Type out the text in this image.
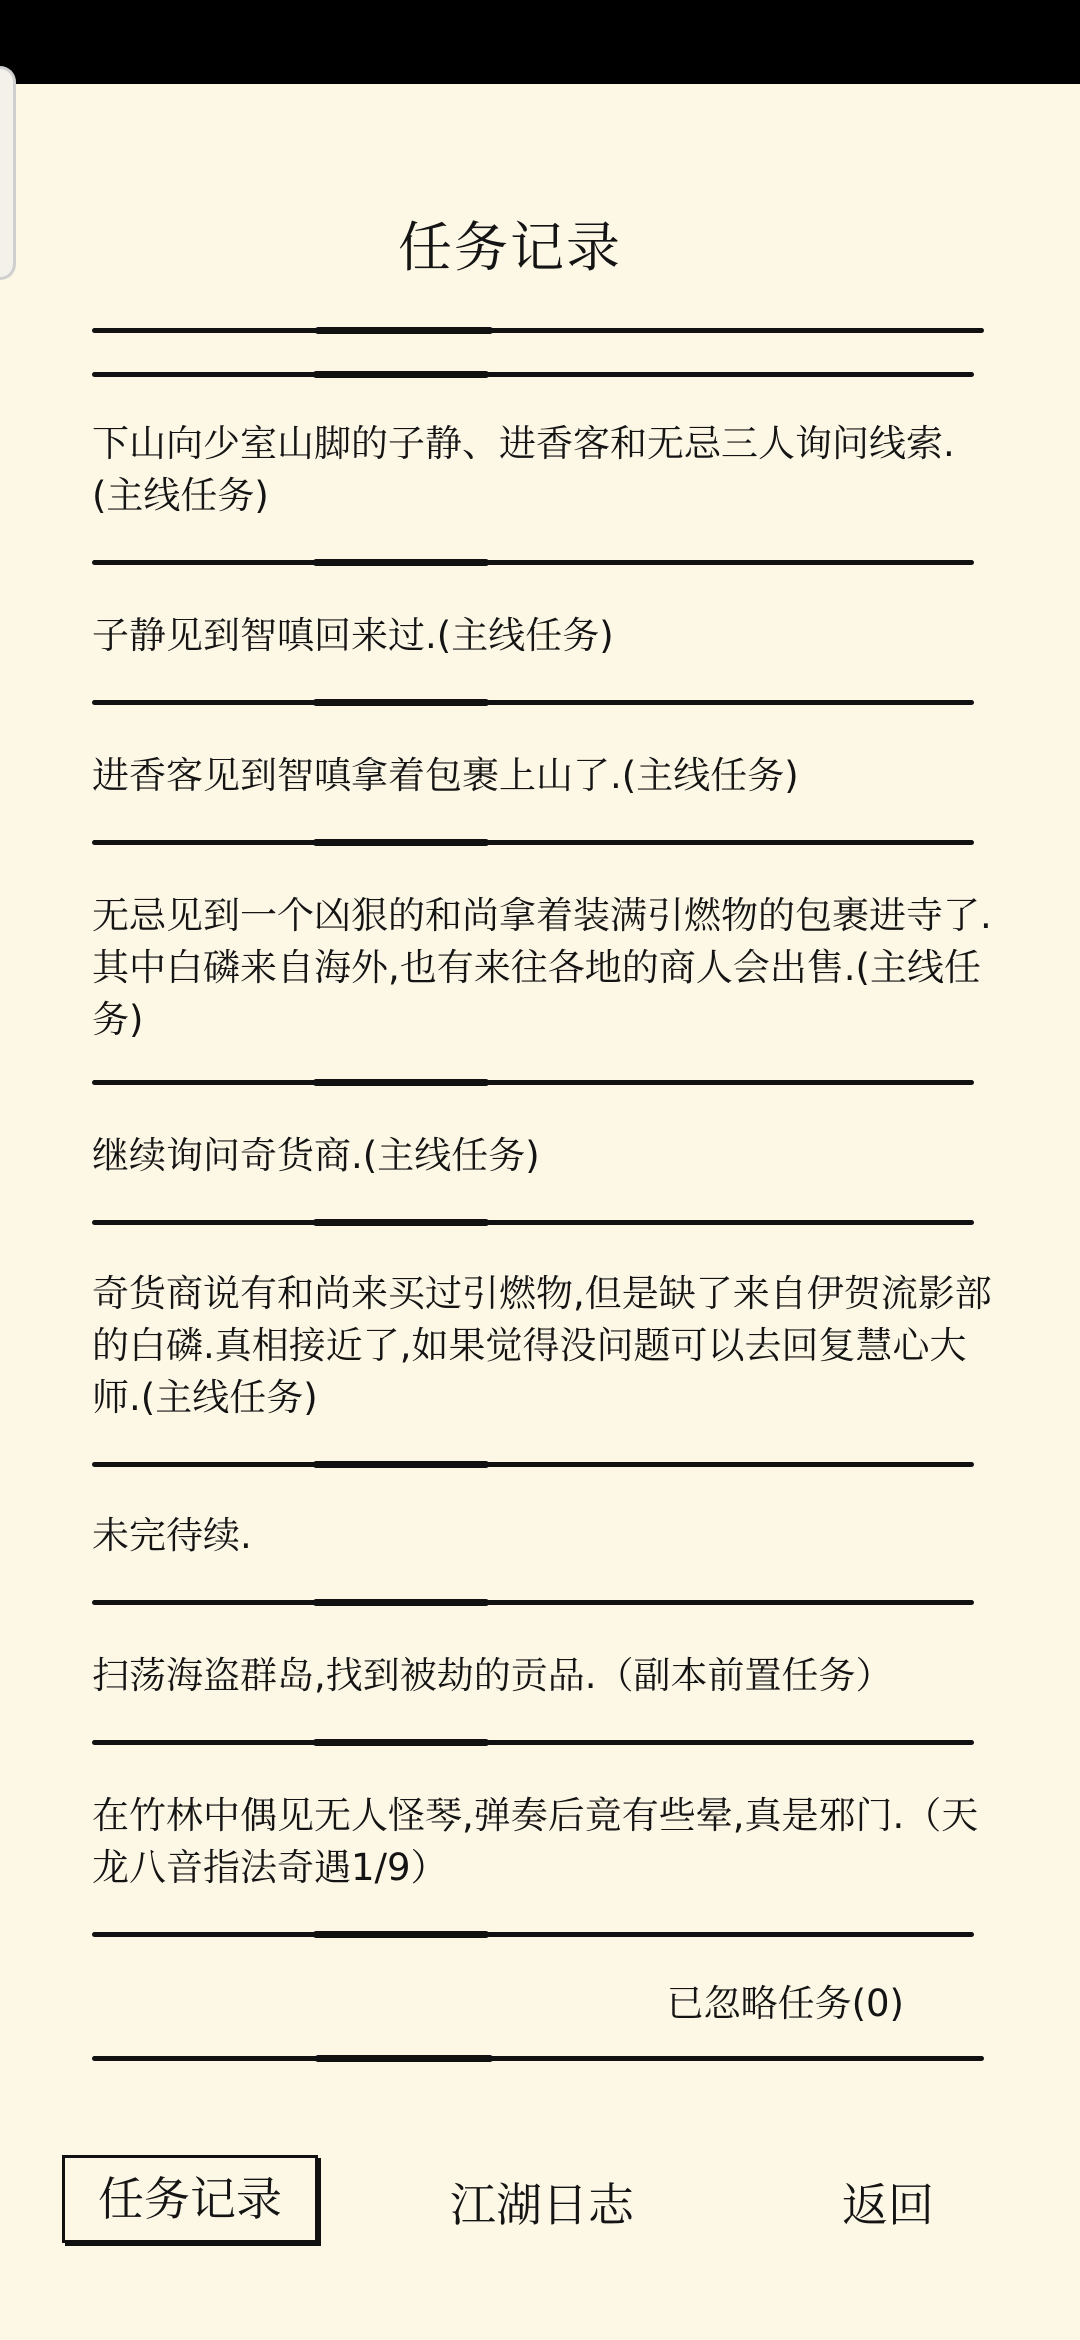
任务记录

下山向少室山脚的子静、进香客和无忌三人询问线索.(主线任务)

子静见到智嗔回来过.(主线任务)

进香客见到智嗔拿着包裹上山了.(主线任务)

无忌见到一个凶狠的和尚拿着装满引燃物的包裹进寺了.其中白磷来自海外,也有来往各地的商人会出售.(主线任务)

继续询问奇货商.(主线任务)

奇货商说有和尚来买过引燃物,但是缺了来自伊贺流影部的白磷.真相接近了,如果觉得没问题可以去回复慧心大师.(主线任务)

未完待续.

扫荡海盗群岛,找到被劫的贡品.（副本前置任务）

在竹林中偶见无人怪琴,弹奏后竟有些晕,真是邪门.（天龙八音指法奇遇1/9）

已忽略任务(0)
任务记录	江湖日志	返回
